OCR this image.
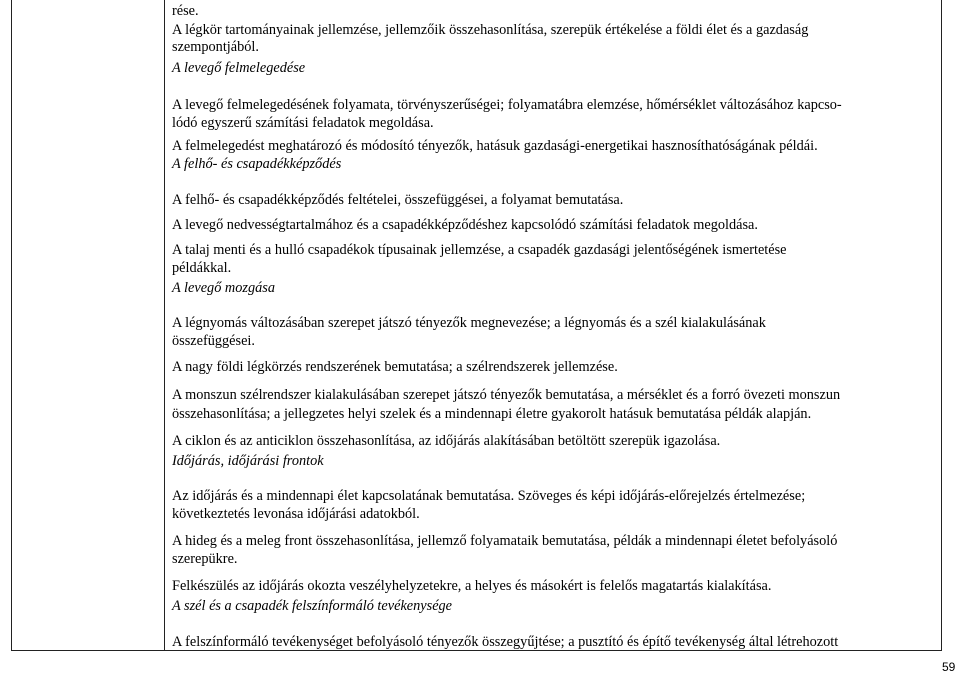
rése.
A légkör tartományainak jellemzése, jellemzőik összehasonlítása, szerepük értékelése a földi élet és a gazdaság
szempontjából.
A levegő felmelegedése
A levegő felmelegedésének folyamata, törvényszerűségei; folyamatábra elemzése, hőmérséklet változásához kapcso-
lódó egyszerű számítási feladatok megoldása.
A felmelegedést meghatározó és módosító tényezők, hatásuk gazdasági-energetikai hasznosíthatóságának példái.
A felhő- és csapadékképződés
A felhő- és csapadékképződés feltételei, összefüggései, a folyamat bemutatása.
A levegő nedvességtartalmához és a csapadékképződéshez kapcsolódó számítási feladatok megoldása.
A talaj menti és a hulló csapadékok típusainak jellemzése, a csapadék gazdasági jelentőségének ismertetése
példákkal.
A levegő mozgása
A légnyomás változásában szerepet játszó tényezők megnevezése; a légnyomás és a szél kialakulásának
összefüggései.
A nagy földi légkörzés rendszerének bemutatása; a szélrendszerek jellemzése.
A monszun szélrendszer kialakulásában szerepet játszó tényezők bemutatása, a mérséklet és a forró övezeti monszun
összehasonlítása; a jellegzetes helyi szelek és a mindennapi életre gyakorolt hatásuk bemutatása példák alapján.
A ciklon és az anticiklon összehasonlítása, az időjárás alakításában betöltött szerepük igazolása.
Időjárás, időjárási frontok
Az időjárás és a mindennapi élet kapcsolatának bemutatása. Szöveges és képi időjárás-előrejelzés értelmezése;
következtetés levonása időjárási adatokból.
A hideg és a meleg front összehasonlítása, jellemző folyamataik bemutatása, példák a mindennapi életet befolyásoló
szerepükre.
Felkészülés az időjárás okozta veszélyhelyzetekre, a helyes és másokért is felelős magatartás kialakítása.
A szél és a csapadék felszínformáló tevékenysége
A felszínformáló tevékenységet befolyásoló tényezők összegyűjtése; a pusztító és építő tevékenység által létrehozott
59
